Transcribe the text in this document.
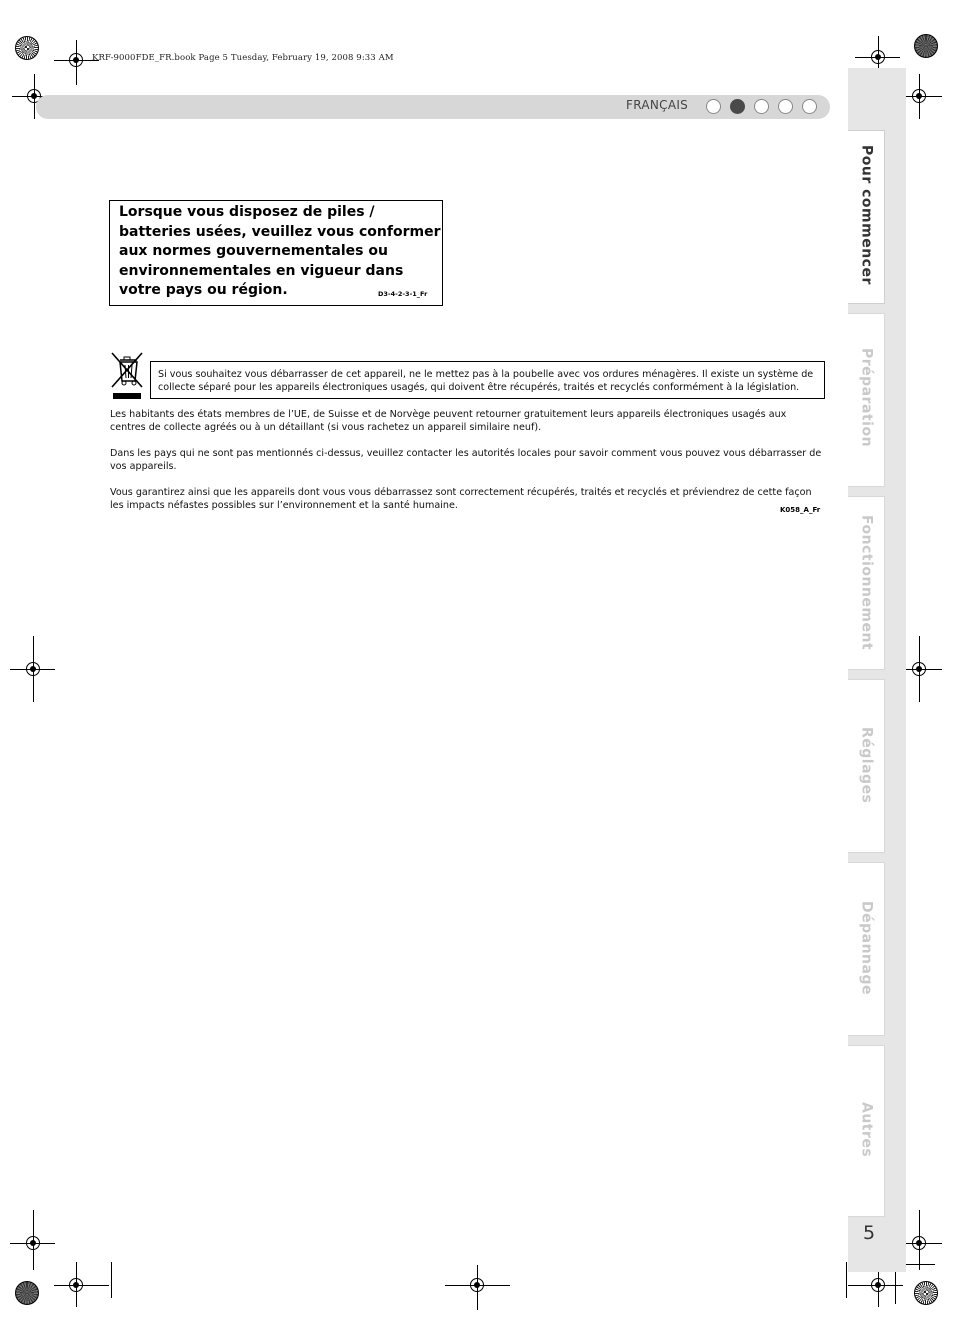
KRF-9000FDE_FR.book Page 5 Tuesday, February 19, 2008 9:33 AM
FRANÇAIS
Lorsque vous disposez de piles / batteries usées, veuillez vous conformer aux normes gouvernementales ou environnementales en vigueur dans votre pays ou région.	D3-4-2-3-1_Fr
Si vous souhaitez vous débarrasser de cet appareil, ne le mettez pas à la poubelle avec vos ordures ménagères. Il existe un système de collecte séparé pour les appareils électroniques usagés, qui doivent être récupérés, traités et recyclés conformément à la législation.
Les habitants des états membres de l’UE, de Suisse et de Norvège peuvent retourner gratuitement leurs appareils électroniques usagés aux centres de collecte agréés ou à un détaillant (si vous rachetez un appareil similaire neuf).
Dans les pays qui ne sont pas mentionnés ci-dessus, veuillez contacter les autorités locales pour savoir comment vous pouvez vous débarrasser de vos appareils.
Vous garantirez ainsi que les appareils dont vous vous débarrassez sont correctement récupérés, traités et recyclés et préviendrez de cette façon les impacts néfastes possibles sur l’environnement et la santé humaine.	K058_A_Fr
Pour commencer
Préparation
Fonctionnement
Réglages
Dépannage
Autres
5
